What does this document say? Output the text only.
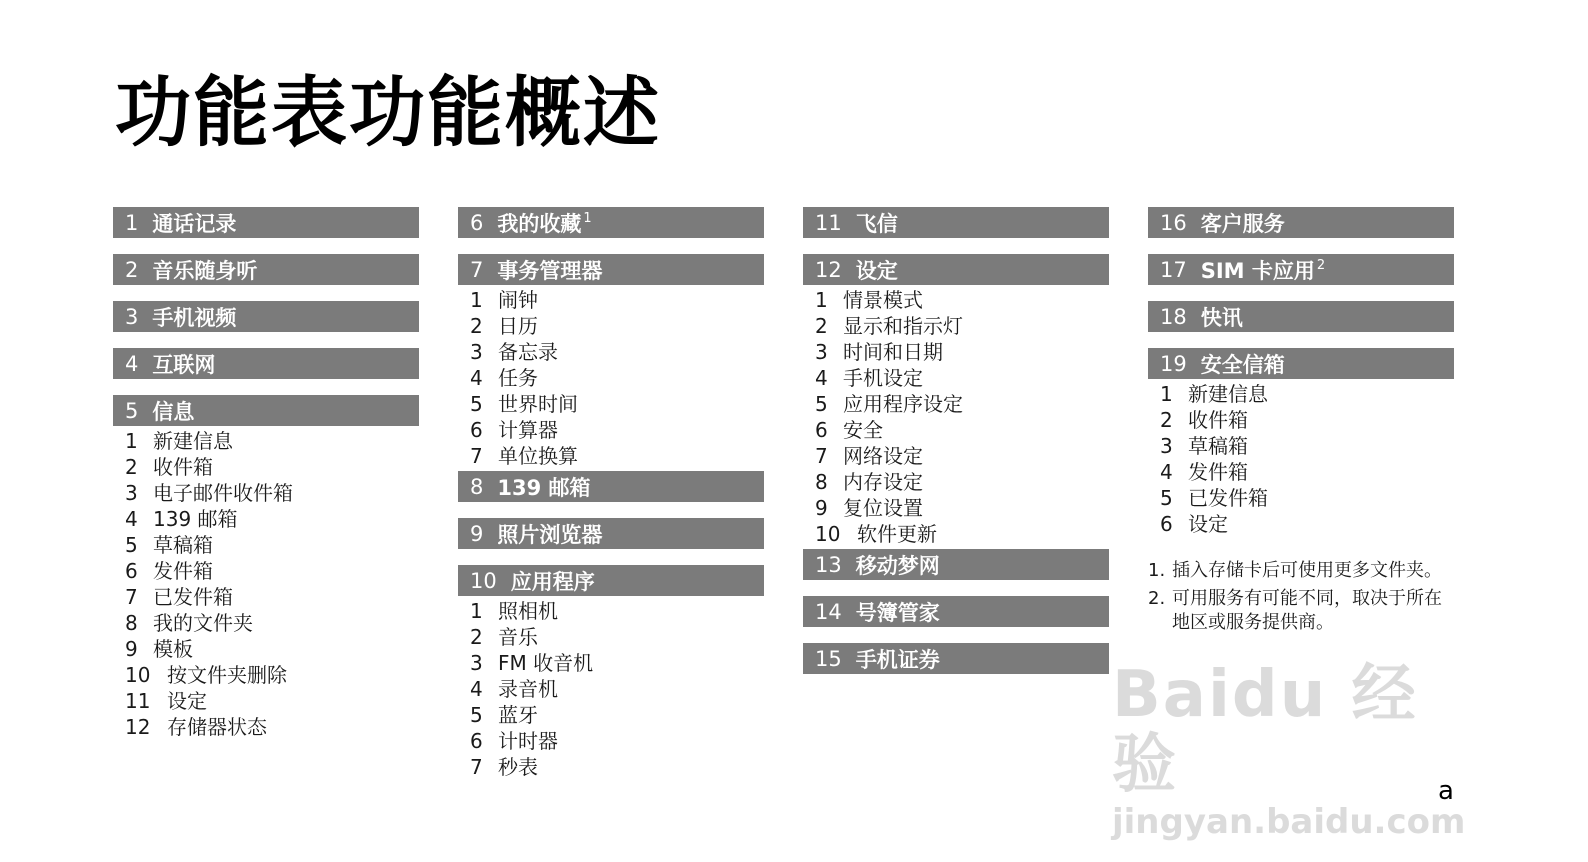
功能表功能概述
1 通话记录
2 音乐随身听
3 手机视频
4 互联网
5 信息
1 新建信息
2 收件箱
3 电子邮件收件箱
4 139 邮箱
5 草稿箱
6 发件箱
7 已发件箱
8 我的文件夹
9 模板
10 按文件夹删除
11 设定
12 存储器状态
6 我的收藏$^1$
7 事务管理器
1 闹钟
2 日历
3 备忘录
4 任务
5 世界时间
6 计算器
7 单位换算
8 139 邮箱
9 照片浏览器
10 应用程序
1 照相机
2 音乐
3 FM 收音机
4 录音机
5 蓝牙
6 计时器
7 秒表
11 飞信
12 设定
1 情景模式
2 显示和指示灯
3 时间和日期
4 手机设定
5 应用程序设定
6 安全
7 网络设定
8 内存设定
9 复位设置
10 软件更新
13 移动梦网
14 号簿管家
15 手机证券
16 客户服务
17 SIM 卡应用$^2$
18 快讯
19 安全信箱
1 新建信息
2 收件箱
3 草稿箱
4 发件箱
5 已发件箱
6 设定
1. 插入存储卡后可使用更多文件夹。
2. 可用服务有可能不同，取决于所在地区或服务提供商。
Baidu 经验
jingyan.baidu.com
a
